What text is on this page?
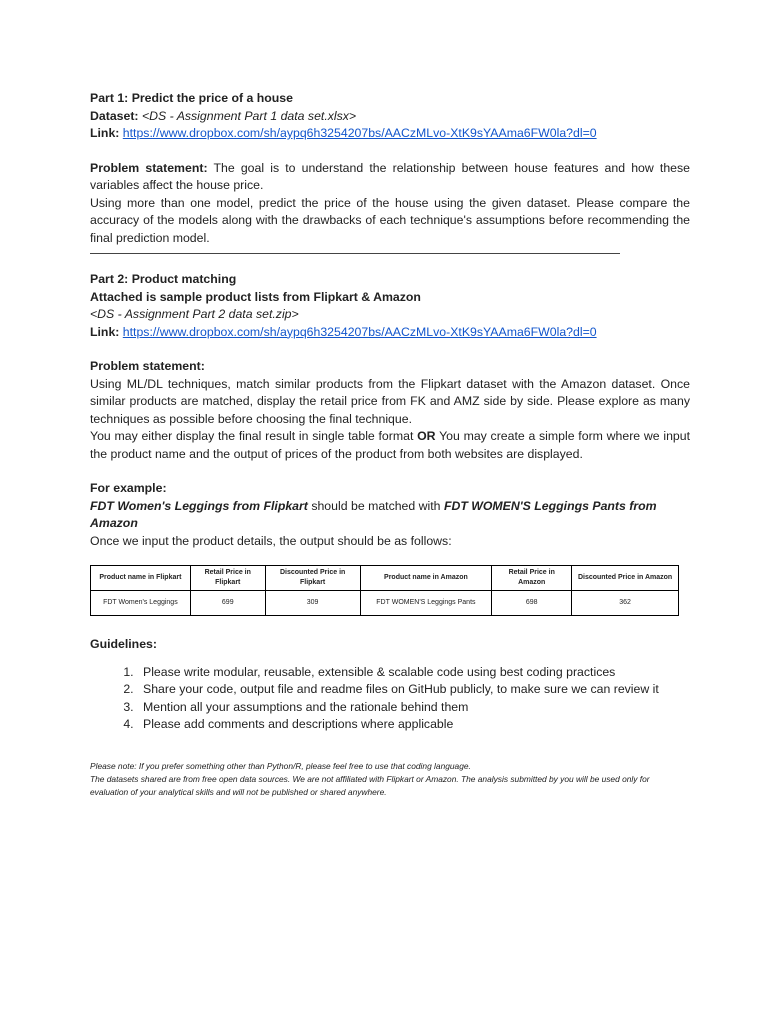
Part 1: Predict the price of a house

Dataset: <DS - Assignment Part 1 data set.xlsx>

Link: https://www.dropbox.com/sh/aypq6h3254207bs/AACzMLvo-XtK9sYAAma6FW0la?dl=0

Problem statement: The goal is to understand the relationship between house features and how these variables affect the house price.

Using more than one model, predict the price of the house using the given dataset. Please compare the accuracy of the models along with the drawbacks of each technique's assumptions before recommending the final prediction model.

Part 2: Product matching

Attached is sample product lists from Flipkart & Amazon

<DS - Assignment Part 2 data set.zip>

Link: https://www.dropbox.com/sh/aypq6h3254207bs/AACzMLvo-XtK9sYAAma6FW0la?dl=0

Problem statement:

Using ML/DL techniques, match similar products from the Flipkart dataset with the Amazon dataset. Once similar products are matched, display the retail price from FK and AMZ side by side. Please explore as many techniques as possible before choosing the final technique.

You may either display the final result in single table format OR You may create a simple form where we input the product name and the output of prices of the product from both websites are displayed.

For example:

FDT Women's Leggings from Flipkart should be matched with FDT WOMEN'S Leggings Pants from Amazon

Once we input the product details, the output should be as follows:

Product name in Flipkart	Retail Price in Flipkart	Discounted Price in Flipkart	Product name in Amazon	Retail Price in Amazon	Discounted Price in Amazon
FDT Women's Leggings	699	309	FDT WOMEN'S Leggings Pants	698	362

Guidelines:

1. Please write modular, reusable, extensible & scalable code using best coding practices
2. Share your code, output file and readme files on GitHub publicly, to make sure we can review it
3. Mention all your assumptions and the rationale behind them
4. Please add comments and descriptions where applicable

Please note: If you prefer something other than Python/R, please feel free to use that coding language.

The datasets shared are from free open data sources. We are not affiliated with Flipkart or Amazon. The analysis submitted by you will be used only for evaluation of your analytical skills and will not be published or shared anywhere.
